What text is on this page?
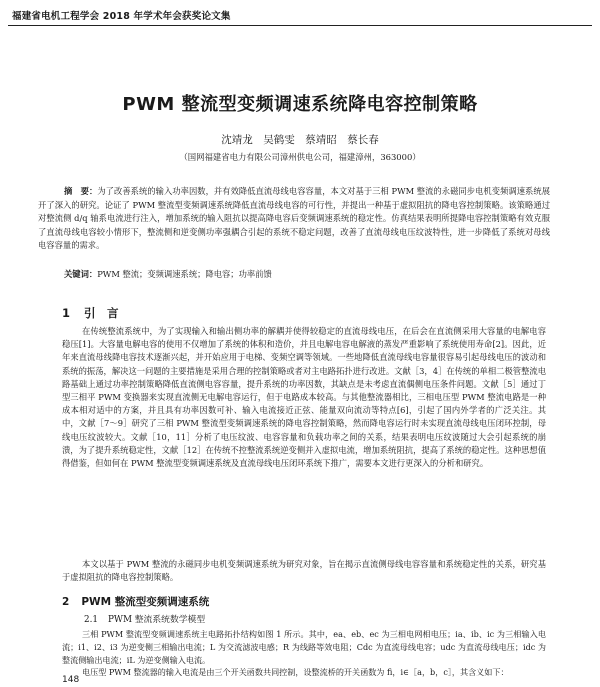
福建省电机工程学会 2018 年学术年会获奖论文集
PWM 整流型变频调速系统降电容控制策略
沈靖龙　吴鹤雯　蔡靖昭　蔡长春
（国网福建省电力有限公司漳州供电公司，福建漳州，363000）

摘　要：为了改善系统的输入功率因数，并有效降低直流母线电容容量，本文对基于三相 PWM 整流的永磁同步电机变频调速系统展开了深入的研究。论证了 PWM 整流型变频调速系统降低直流母线电容的可行性，并提出一种基于虚拟阻抗的降电容控制策略。该策略通过对整流侧 d/q 轴系电流进行注入，增加系统的输入阻抗以提高降电容后变频调速系统的稳定性。仿真结果表明所提降电容控制策略有效克服了直流母线电容较小情形下，整流侧和逆变侧功率强耦合引起的系统不稳定问题，改善了直流母线电压纹波特性，进一步降低了系统对母线电容容量的需求。

关键词：PWM 整流；变频调速系统；降电容；功率前馈
1 引　言

在传统整流系统中，为了实现输入和输出侧功率的解耦并使得较稳定的直流母线电压，在后会在直流侧采用大容量的电解电容稳压[1]。大容量电解电容的使用不仅增加了系统的体积和造价，并且电解电容电解液的蒸发严重影响了系统使用寿命[2]。因此，近年来直流母线降电容技术逐渐兴起，并开始应用于电梯、变频空调等领域。一些地降低直流母线电容量很容易引起母线电压的波动和系统的振荡，解决这一问题的主要措施是采用合理的控制策略或者对主电路拓扑进行改进。文献［3，4］在传统的单相二极管整流电路基础上通过功率控制策略降低直流侧电容容量，提升系统的功率因数，其缺点是未考虑直流偶侧电压条件问题。文献［5］通过丁型三相平 PWM 变换器来实现直流侧无电解电容运行，但于电路成本较高。与其他整流器相比，三相电压型 PWM 整流电路是一种成本相对适中的方案，并且具有功率因数可补、输入电流接近正弦、能量双向流动等特点[6]，引起了国内外学者的广泛关注。其中，文献［7～9］研究了三相 PWM 整流型变频调速系统的降电容控制策略，然而降电容运行时未实现直流母线电压闭环控制，母线电压纹波较大。文献［10，11］分析了电压纹波、电容容量和负载功率之间的关系，结果表明电压纹波随过大会引起系统的崩溃，为了提升系统稳定性，文献［12］在传统不控整流系统逆变侧并入虚拟电流，增加系统阻抗，提高了系统的稳定性。这种思想值得借鉴，但如何在 PWM 整流型变频调速系统及直流母线电压闭环系统下推广，需要本文进行更深入的分析和研究。

本文以基于 PWM 整流的永磁同步电机变频调速系统为研究对象，旨在揭示直流侧母线电容容量和系统稳定性的关系，研究基于虚拟阻抗的降电容控制策略。

2 PWM 整流型变频调速系统
2.1 PWM 整流系统数学模型

三相 PWM 整流型变频调速系统主电路拓扑结构如图 1 所示。其中，ea、eb、ec 为三相电网相电压；ia、ib、ic 为三相输入电流；i1、i2、i3 为逆变侧三相输出电流；L 为交流滤波电感；R 为线路等效电阻；Cdc 为直流母线电容；udc 为直流母线电压；idc 为整流侧输出电流；iL 为逆变侧输入电流。
电压型 PWM 整流器的输入电流是由三个开关函数共同控制，设整流桥的开关函数为 fi，i∈［a，b，c］，其含义如下：

148
